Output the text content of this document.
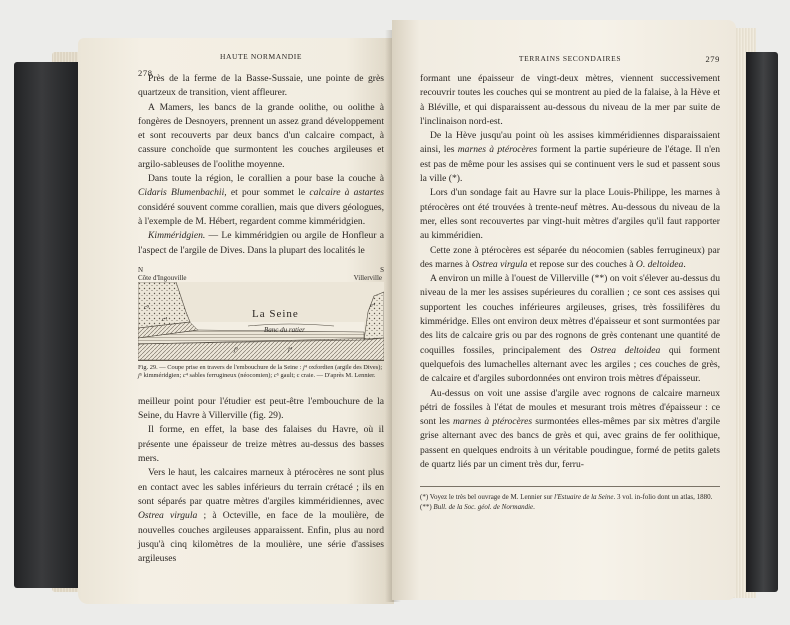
HAUTE NORMANDIE
278

Près de la ferme de la Basse-Sussaie, une pointe de grès quartzeux de transition, vient affleurer.

A Mamers, les bancs de la grande oolithe, ou oolithe à fongères de Desnoyers, prennent un assez grand développement et sont recouverts par deux bancs d'un calcaire compact, à cassure conchoïde que surmontent les couches argileuses et argilo-sableuses de l'oolithe moyenne.

Dans toute la région, le corallien a pour base la couche à Cidaris Blumenbachii, et pour sommet le calcaire à astartes considéré souvent comme corallien, mais que divers géologues, à l'exemple de M. Hébert, regardent comme kimméridgien.

Kimméridgien. — Le kimméridgien ou argile de Honfleur a l'aspect de l'argile de Dives. Dans la plupart des localités le

N	S
Côte d'Ingouville
c⁵
c⁴
j⁵	j⁴
c⁴
La Seine
Banc du ratier
Villerville
Fig. 29. — Coupe prise en travers de l'embouchure de la Seine : j⁴ oxfordien (argile des Dives); j⁵ kimméridgien; c⁴ sables ferrugineux (néocomien); c⁵ gault; c craie. — D'après M. Lennier.

meilleur point pour l'étudier est peut-être l'embouchure de la Seine, du Havre à Villerville (fig. 29).

Il forme, en effet, la base des falaises du Havre, où il présente une épaisseur de treize mètres au-dessus des basses mers.

Vers le haut, les calcaires marneux à ptérocères ne sont plus en contact avec les sables inférieurs du terrain crétacé ; ils en sont séparés par quatre mètres d'argiles kimméridiennes, avec Ostrea virgula ; à Octeville, en face de la moulière, de nouvelles couches argileuses apparaissent. Enfin, plus au nord jusqu'à cinq kilomètres de la moulière, une série d'assises argileuses

TERRAINS SECONDAIRES	279

formant une épaisseur de vingt-deux mètres, viennent successivement recouvrir toutes les couches qui se montrent au pied de la falaise, à la Hève et à Bléville, et qui disparaissent au-dessous du niveau de la mer par suite de l'inclinaison nord-est.

De la Hève jusqu'au point où les assises kimméridiennes disparaissaient ainsi, les marnes à ptérocères forment la partie supérieure de l'étage. Il n'en est pas de même pour les assises qui se continuent vers le sud et passent sous la ville (*).

Lors d'un sondage fait au Havre sur la place Louis-Philippe, les marnes à ptérocères ont été trouvées à trente-neuf mètres. Au-dessous du niveau de la mer, elles sont recouvertes par vingt-huit mètres d'argiles qu'il faut rapporter au kimméridien.

Cette zone à ptérocères est séparée du néocomien (sables ferrugineux) par des marnes à Ostrea virgula et repose sur des couches à O. deltoidea.

A environ un mille à l'ouest de Villerville (**) on voit s'élever au-dessus du niveau de la mer les assises supérieures du corallien ; ce sont ces assises qui supportent les couches inférieures argileuses, grises, très fossilifères du kimméridge. Elles ont environ deux mètres d'épaisseur et sont surmontées par des lits de calcaire gris ou par des rognons de grès contenant une quantité de coquilles fossiles, principalement des Ostrea deltoidea qui forment quelquefois des lumachelles alternant avec les argiles ; ces couches de grès, de calcaire et d'argiles subordonnées ont environ trois mètres d'épaisseur.

Au-dessus on voit une assise d'argile avec rognons de calcaire marneux pétri de fossiles à l'état de moules et mesurant trois mètres d'épaisseur : ce sont les marnes à ptérocères surmontées elles-mêmes par six mètres d'argile grise alternant avec des bancs de grès et qui, avec grains de fer oolithique, passent en quelques endroits à un véritable poudingue, formé de petits galets de quartz liés par un ciment très dur, ferru-

(*) Voyez le très bel ouvrage de M. Lennier sur l'Estuaire de la Seine. 3 vol. in-folio dont un atlas, 1880.

(**) Bull. de la Soc. géol. de Normandie.
